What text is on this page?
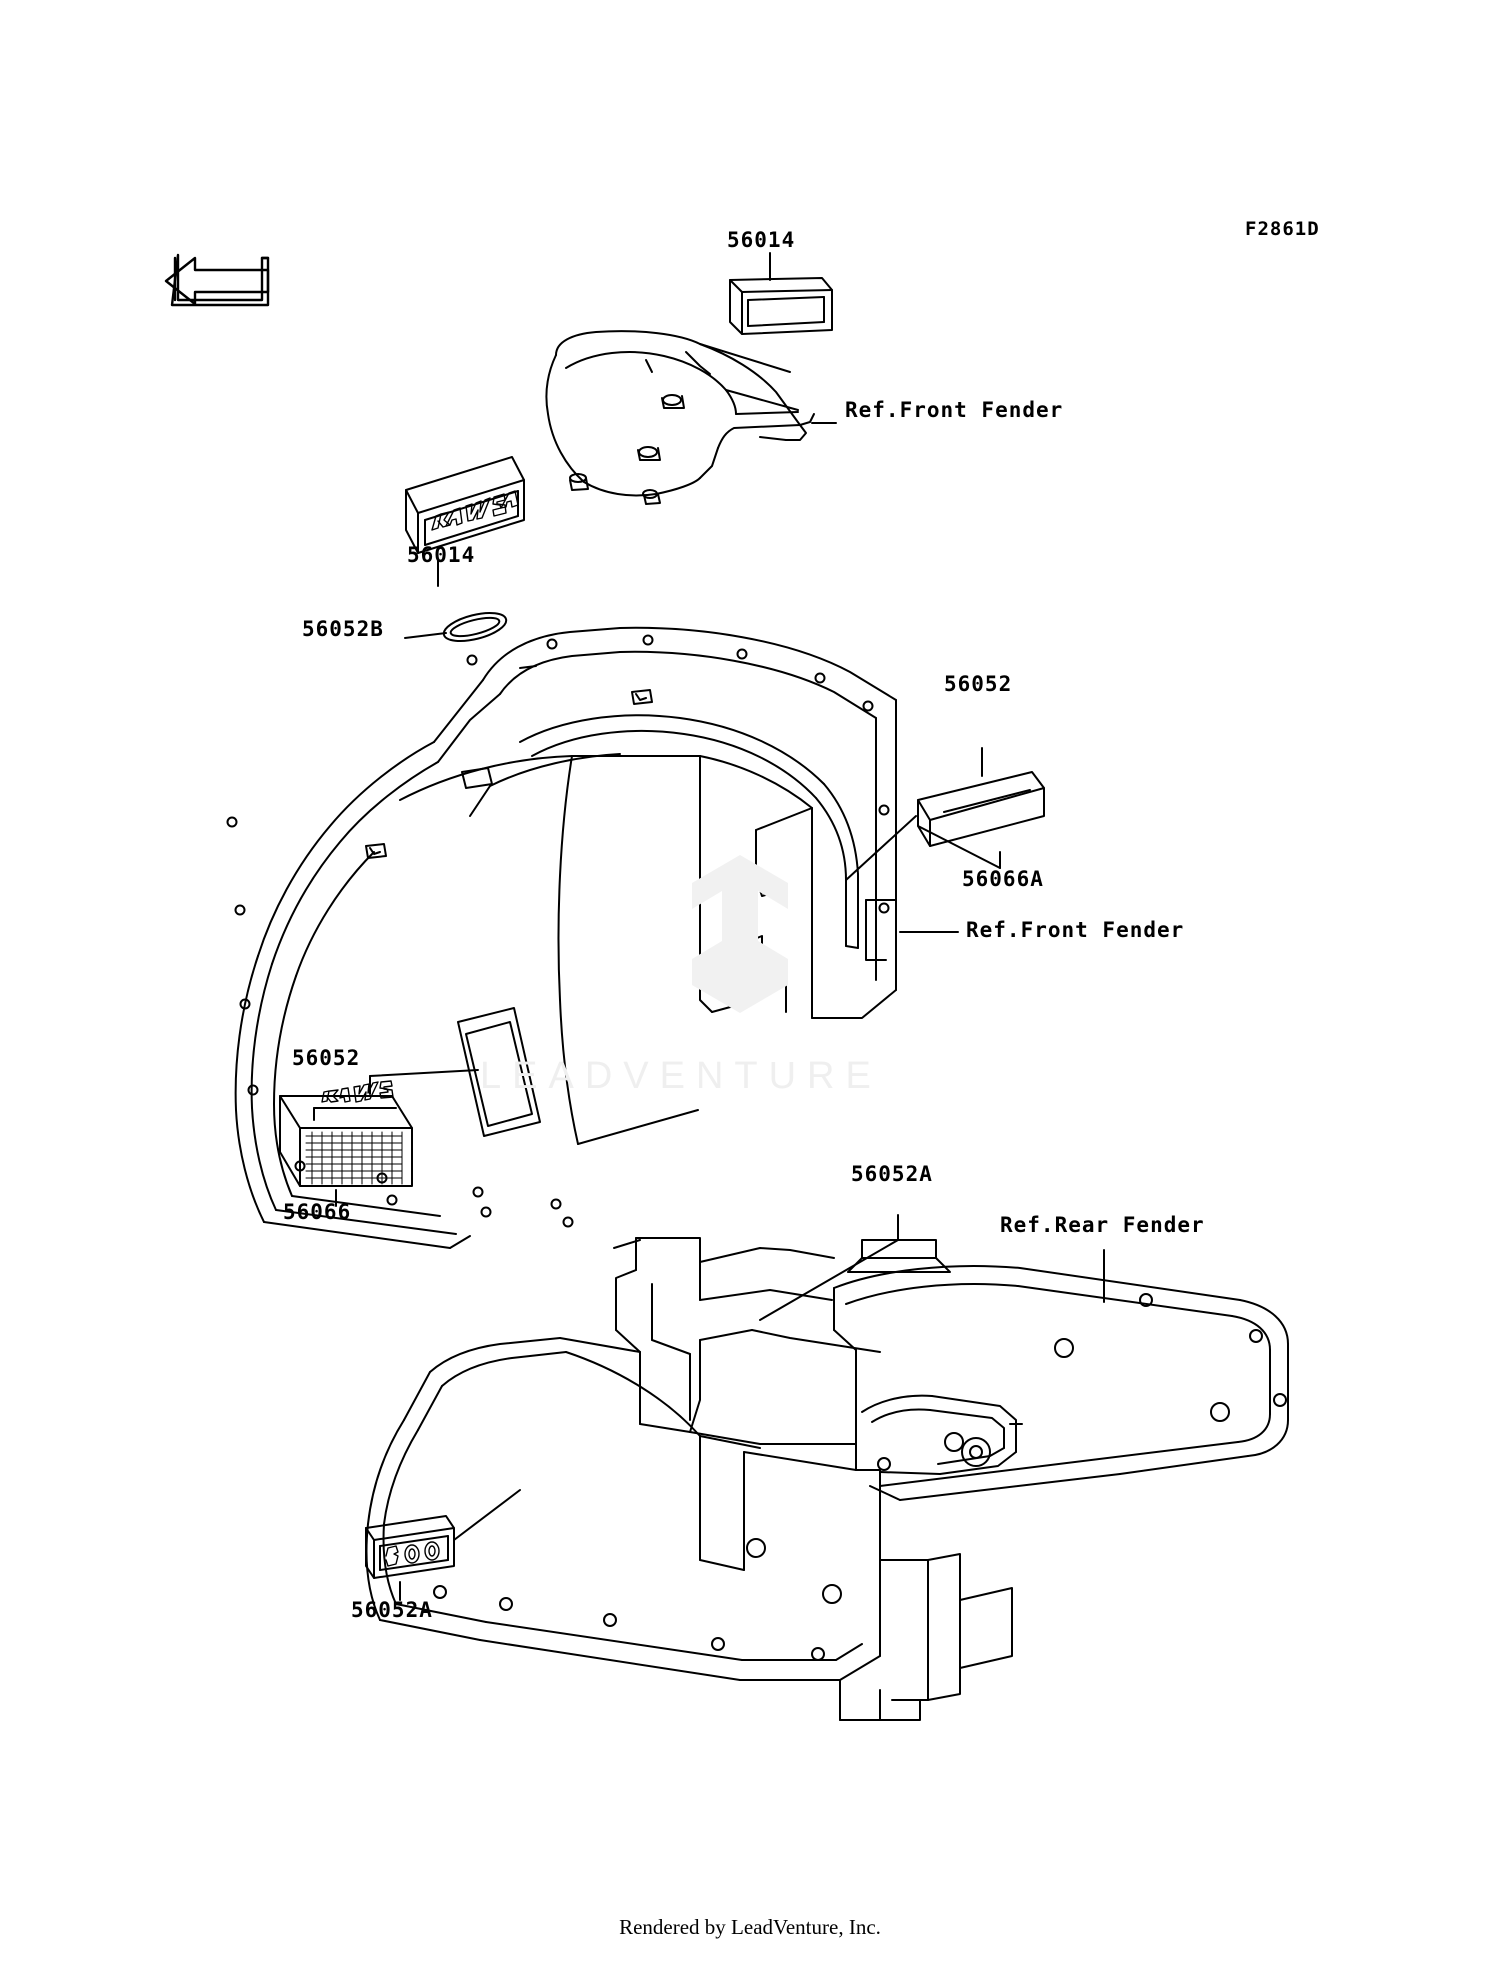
LEADVENTURE
F2861D
56014
Ref.Front Fender
56014
56052B
56052
56066A
Ref.Front Fender
56052
56066
56052A
Ref.Rear Fender
56052A
Rendered by LeadVenture, Inc.
